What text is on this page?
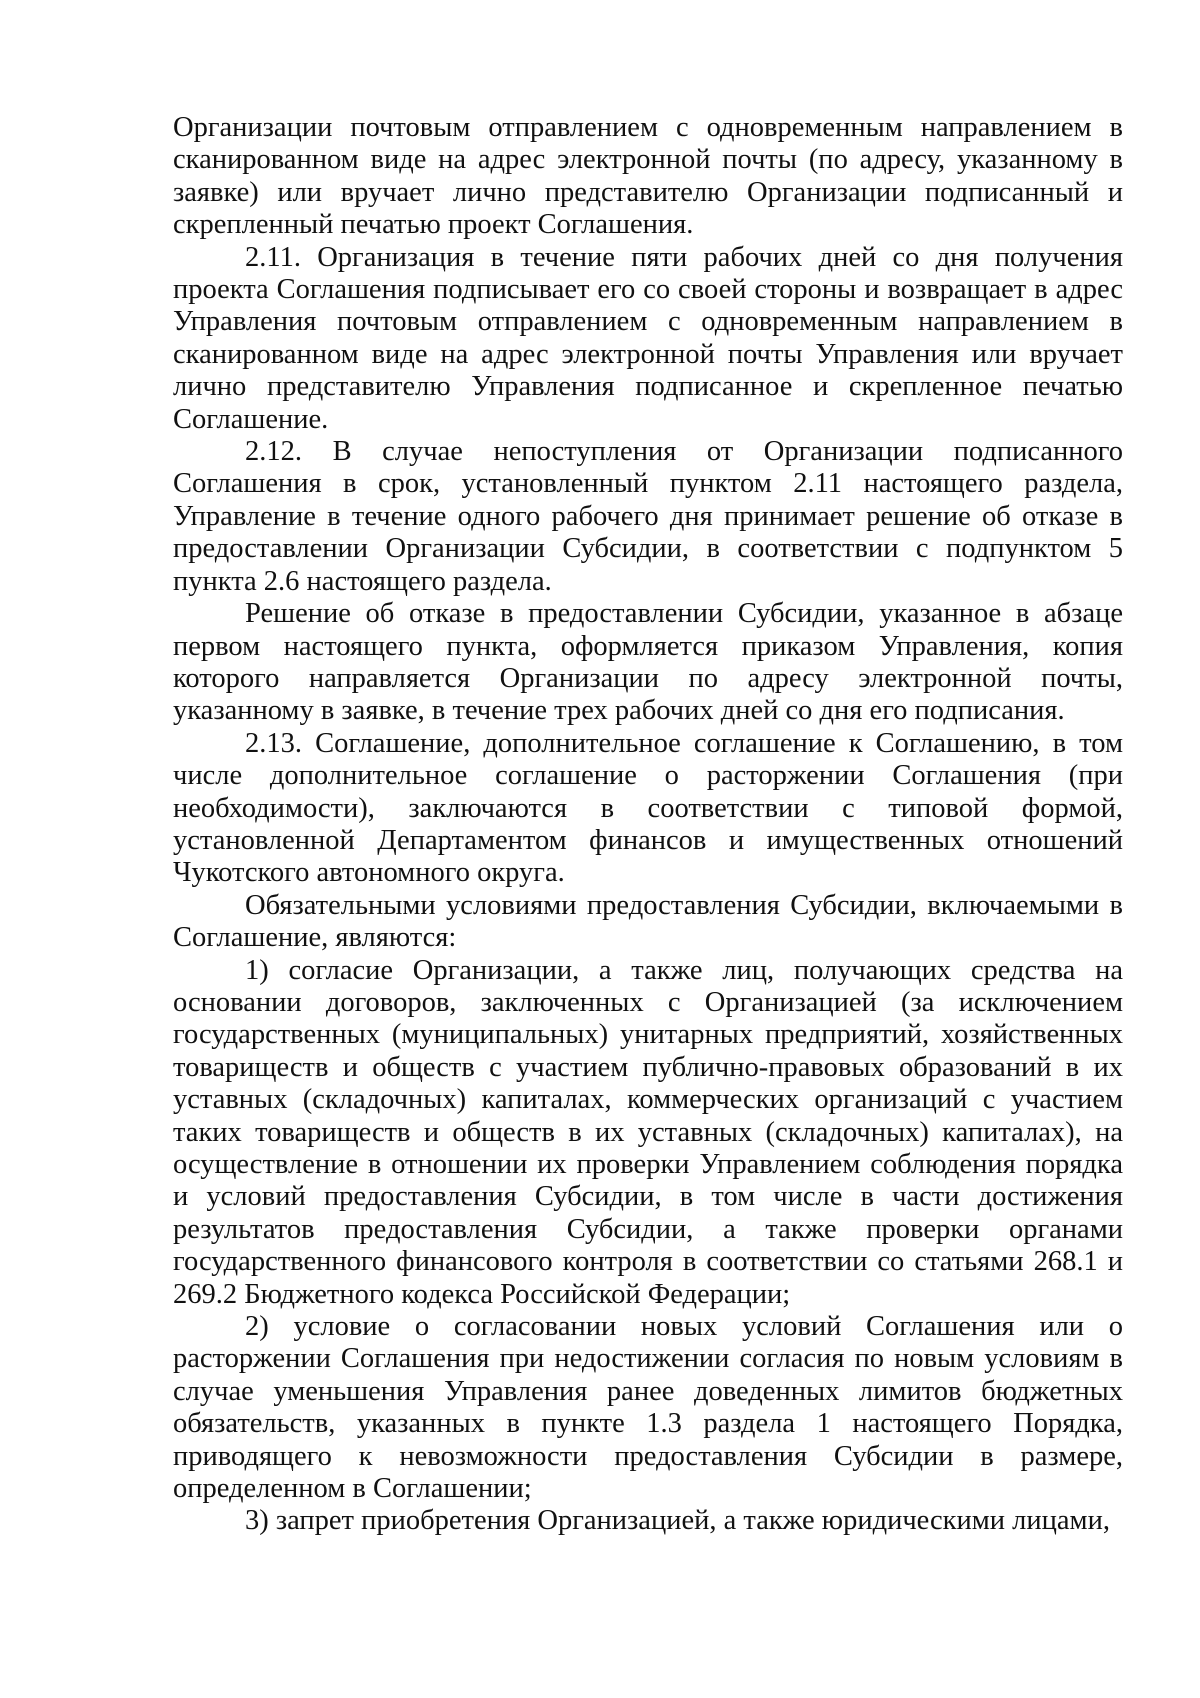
Организации почтовым отправлением с одновременным направлением в сканированном виде на адрес электронной почты (по адресу, указанному в заявке) или вручает лично представителю Организации подписанный и скрепленный печатью проект Соглашения.

2.11. Организация в течение пяти рабочих дней со дня получения проекта Соглашения подписывает его со своей стороны и возвращает в адрес Управления почтовым отправлением с одновременным направлением в сканированном виде на адрес электронной почты Управления или вручает лично представителю Управления подписанное и скрепленное печатью Соглашение.

2.12. В случае непоступления от Организации подписанного Соглашения в срок, установленный пунктом 2.11 настоящего раздела, Управление в течение одного рабочего дня принимает решение об отказе в предоставлении Организации Субсидии, в соответствии с подпунктом 5 пункта 2.6 настоящего раздела.

Решение об отказе в предоставлении Субсидии, указанное в абзаце первом настоящего пункта, оформляется приказом Управления, копия которого направляется Организации по адресу электронной почты, указанному в заявке, в течение трех рабочих дней со дня его подписания.

2.13. Соглашение, дополнительное соглашение к Соглашению, в том числе дополнительное соглашение о расторжении Соглашения (при необходимости), заключаются в соответствии с типовой формой, установленной Департаментом финансов и имущественных отношений Чукотского автономного округа.

Обязательными условиями предоставления Субсидии, включаемыми в Соглашение, являются:

1) согласие Организации, а также лиц, получающих средства на основании договоров, заключенных с Организацией (за исключением государственных (муниципальных) унитарных предприятий, хозяйственных товариществ и обществ с участием публично-правовых образований в их уставных (складочных) капиталах, коммерческих организаций с участием таких товариществ и обществ в их уставных (складочных) капиталах), на осуществление в отношении их проверки Управлением соблюдения порядка и условий предоставления Субсидии, в том числе в части достижения результатов предоставления Субсидии, а также проверки органами государственного финансового контроля в соответствии со статьями 268.1 и 269.2 Бюджетного кодекса Российской Федерации;

2) условие о согласовании новых условий Соглашения или о расторжении Соглашения при недостижении согласия по новым условиям в случае уменьшения Управления ранее доведенных лимитов бюджетных обязательств, указанных в пункте 1.3 раздела 1 настоящего Порядка, приводящего к невозможности предоставления Субсидии в размере, определенном в Соглашении;

3) запрет приобретения Организацией, а также юридическими лицами,
